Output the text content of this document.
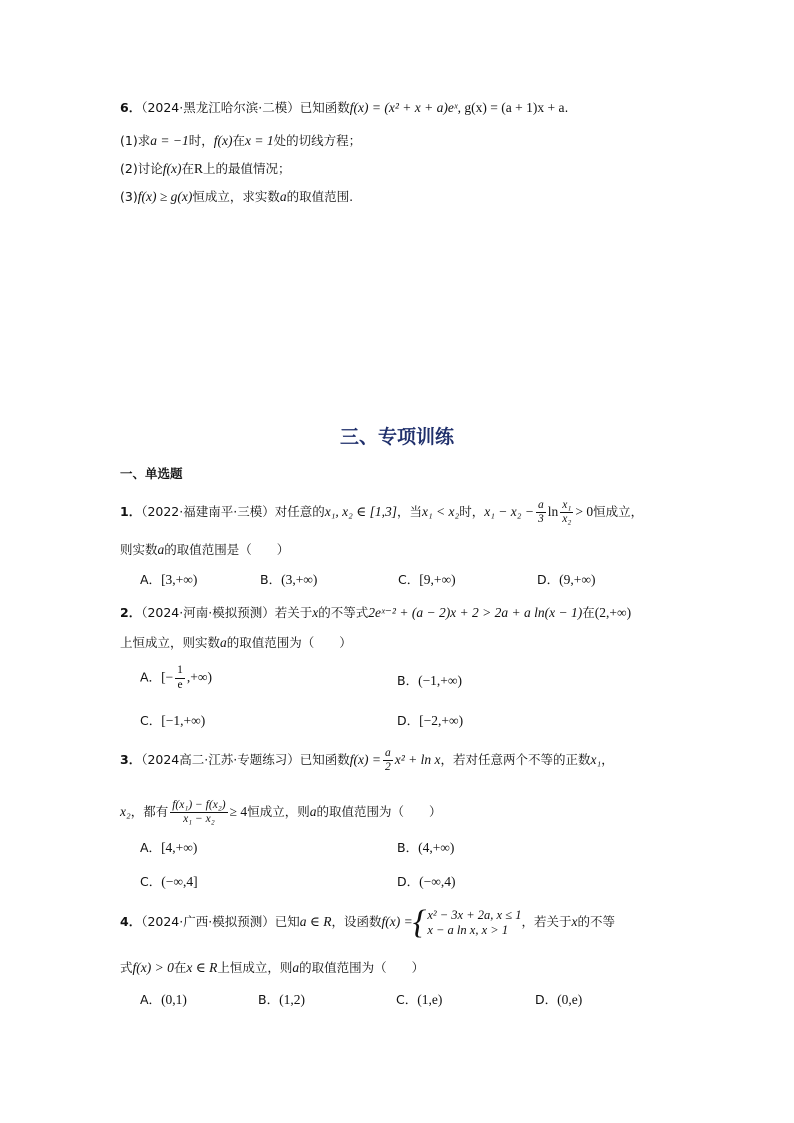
6．（2024·黑龙江哈尔滨·二模）已知函数f(x) = (x² + x + a)eˣ, g(x) = (a + 1)x + a.
(1)求a = −1时，f(x)在x = 1处的切线方程；
(2)讨论f(x)在R上的最值情况；
(3)f(x) ≥ g(x)恒成立，求实数a的取值范围.
三、专项训练
一、单选题
1．（2022·福建南平·三模）对任意的x₁, x₂ ∈ [1,3]，当x₁ < x₂时，$x_1 - x_2 - \frac{a}{3}$ $\ln \frac{\text{x₁}}{\text{x₂}} > 0$恒成立，
则实数a的取值范围是（　　）
A．[3,+∞)	B．(3,+∞)	C．[9,+∞)	D．(9,+∞)
2．（2024·河南·模拟预测）若关于x的不等式2eˣ⁻² + (a − 2)x + 2 > 2a + a ln(x − 1)在(2,+∞)
上恒成立，则实数a的取值范围为（　　）
A．[− $\frac{1}{e}$ ,+∞)	B．(−1,+∞)
C．[−1,+∞)	D．[−2,+∞)
3．（2024高二·江苏·专题练习）已知函数$f(x) = \frac{a}{2} x^2 + \ln x$，若对任意两个不等的正数x₁，
x₂，都有 $\frac{\text{f(x₁) − f(x₂)}}{\text{x₁ − x₂}} \ge 4$恒成立，则a的取值范围为（　　）
A．[4,+∞)	B．(4,+∞)
C．(−∞,4]	D．(−∞,4)
4．（2024·广西·模拟预测）已知a ∈ R，设函数f(x) = { x² − 3x + 2a, x ≤ 1
x − a ln x, x > 1
，若关于x的不等
式f(x) > 0在x ∈ R上恒成立，则a的取值范围为（　　）
A．(0,1)	B．(1,2)	C．(1,e)	D．(0,e)
